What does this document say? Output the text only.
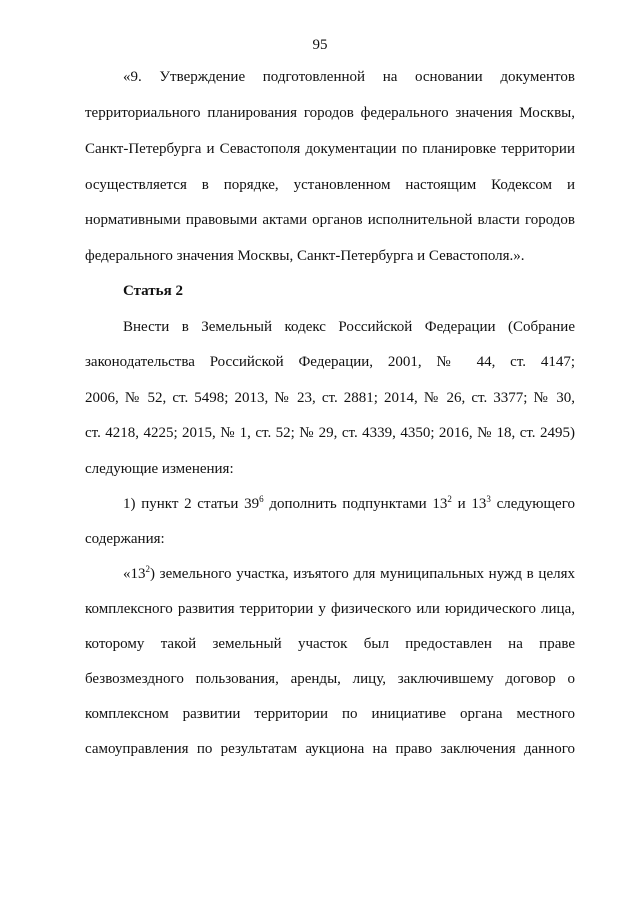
95
«9. Утверждение подготовленной на основании документов
территориального планирования городов федерального значения Москвы,
Санкт-Петербурга и Севастополя документации по планировке территории
осуществляется в порядке, установленном настоящим Кодексом и
нормативными правовыми актами органов исполнительной власти городов
федерального значения Москвы, Санкт-Петербурга и Севастополя.».
Статья 2
Внести в Земельный кодекс Российской Федерации (Собрание
законодательства Российской Федерации, 2001, № 44, ст. 4147;
2006, № 52, ст. 5498; 2013, № 23, ст. 2881; 2014, № 26, ст. 3377; № 30,
ст. 4218, 4225; 2015, № 1, ст. 52; № 29, ст. 4339, 4350; 2016, № 18, ст. 2495)
следующие изменения:
1) пункт 2 статьи $39^6$ дополнить подпунктами $13^2$ и $13^3$ следующего
содержания:
«$13^2$) земельного участка, изъятого для муниципальных нужд в целях
комплексного развития территории у физического или юридического лица,
которому такой земельный участок был предоставлен на праве
безвозмездного пользования, аренды, лицу, заключившему договор о
комплексном развитии территории по инициативе органа местного
самоуправления по результатам аукциона на право заключения данного
